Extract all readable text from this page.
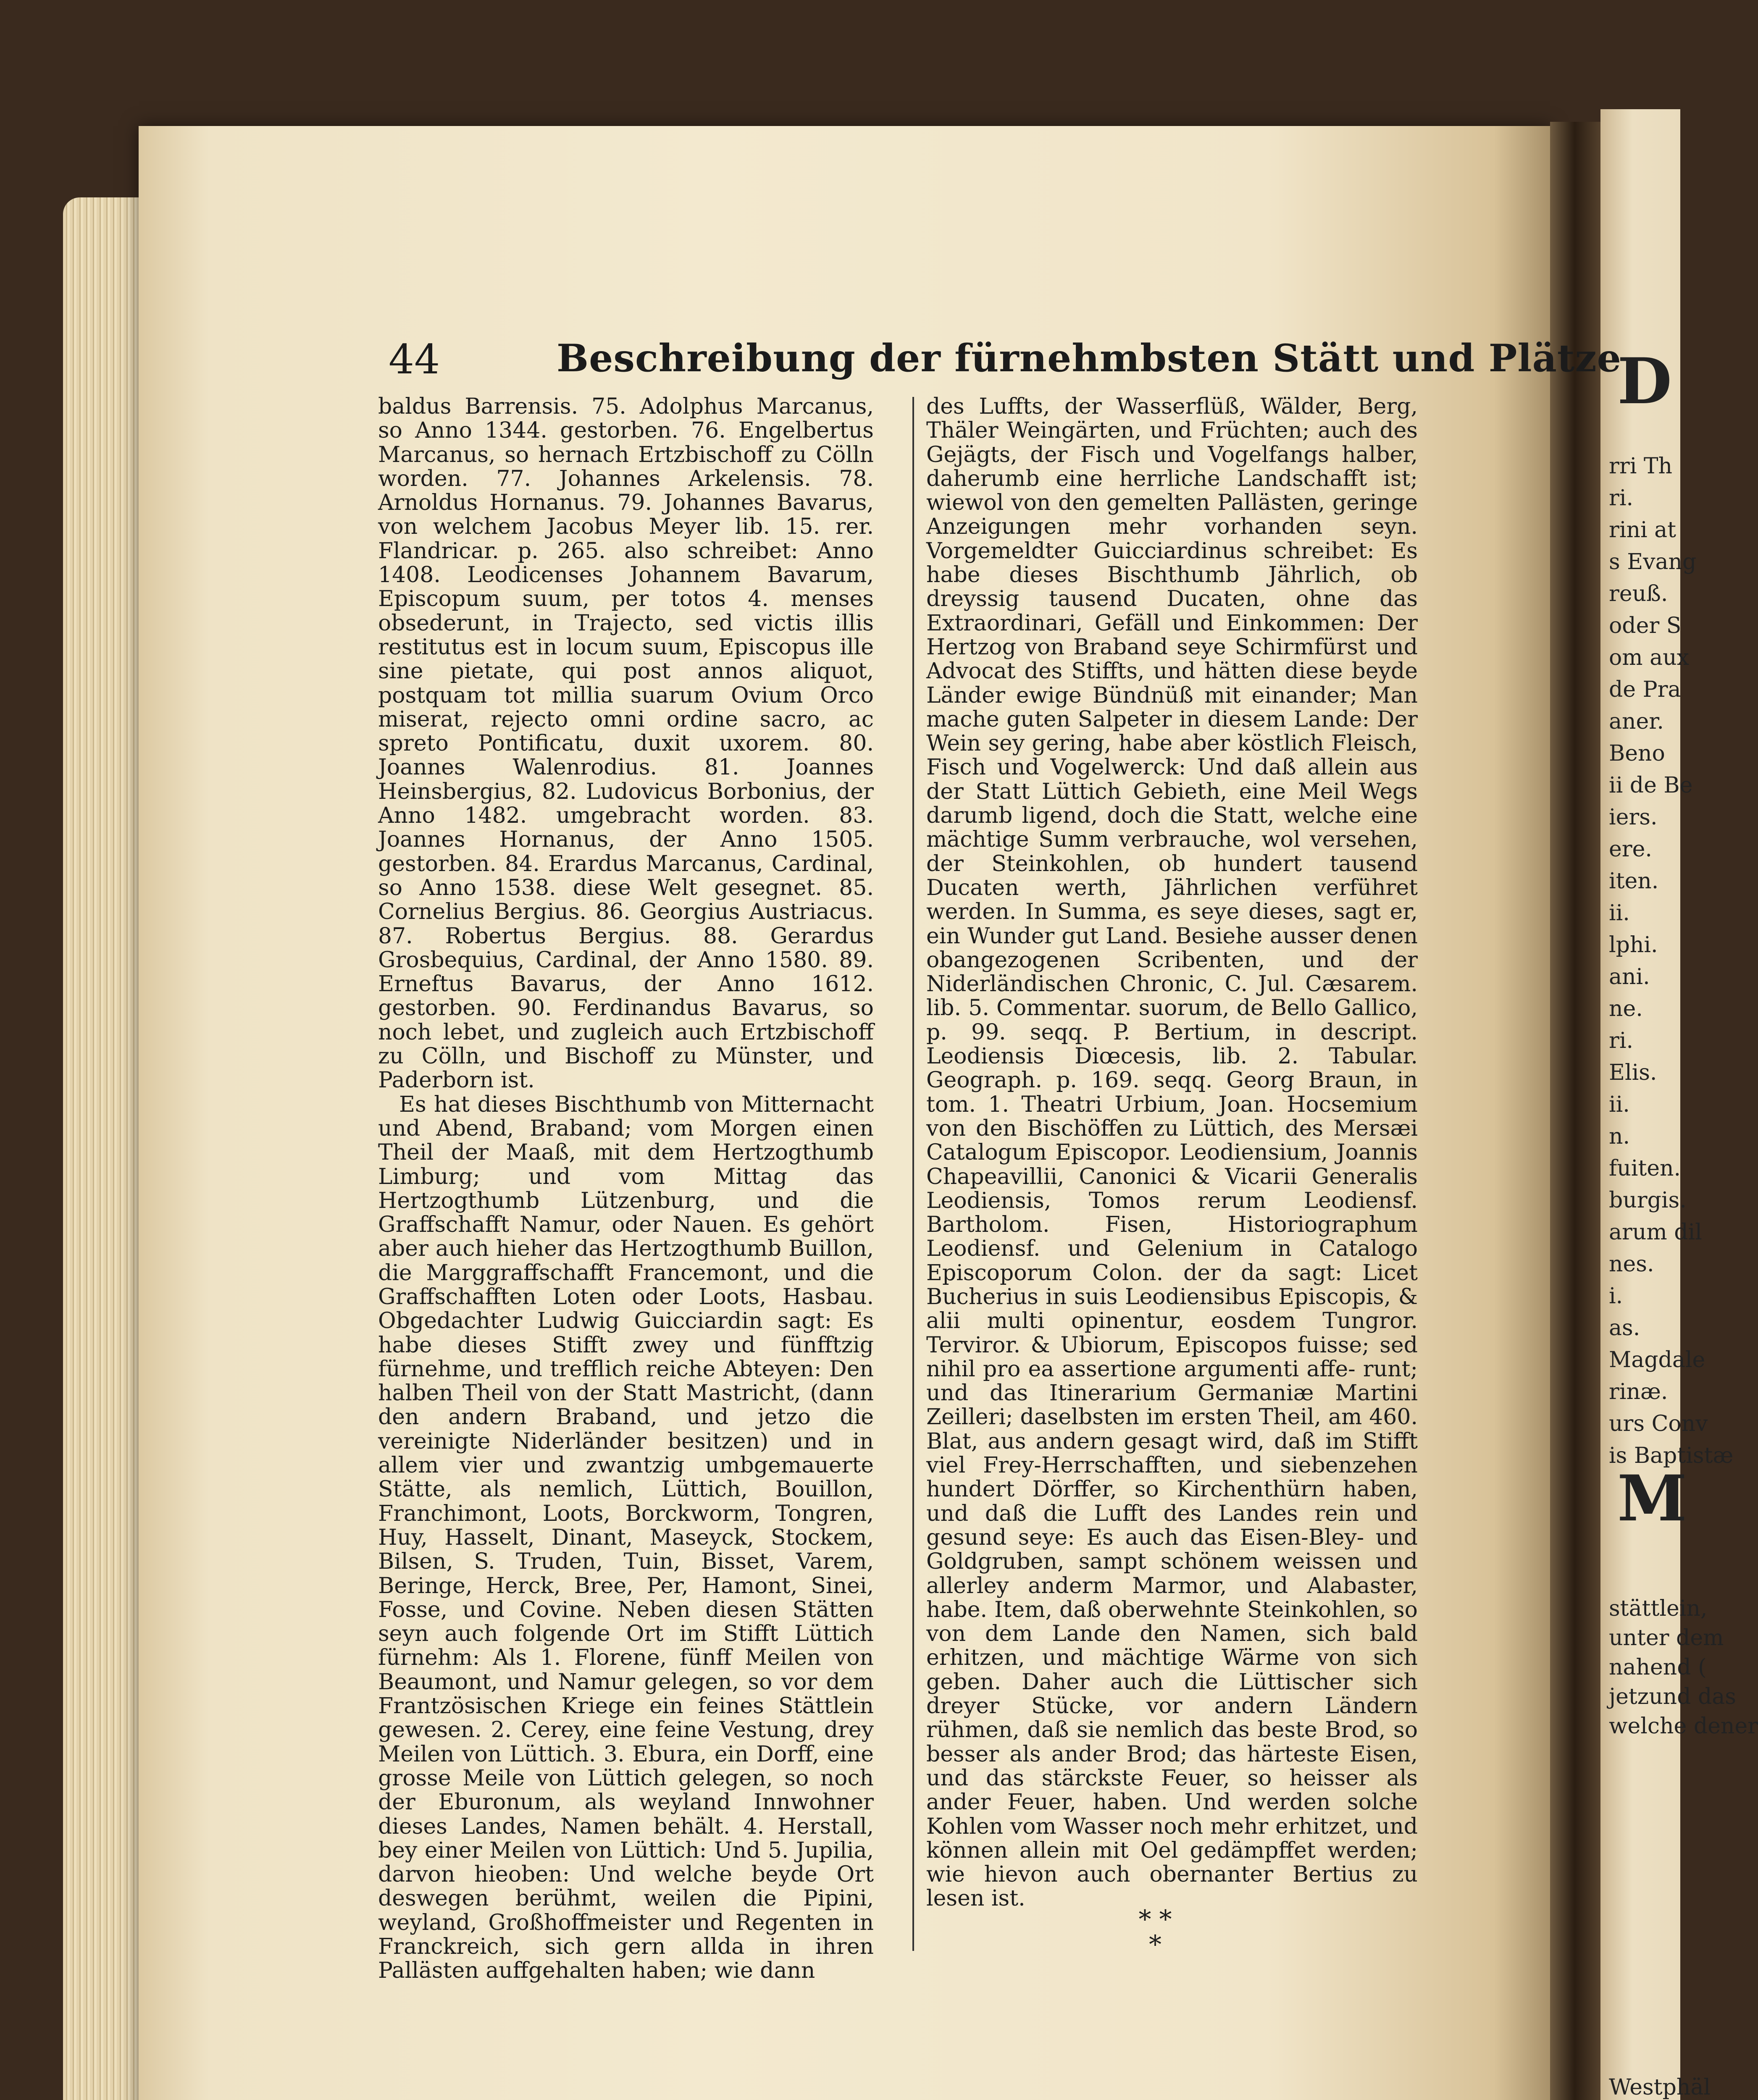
D
rri Th
ri.
rini at
s Evang
reuß.
oder S
om aux
de Pra
aner.
Beno
ii de Be
iers.
ere.
iten.
ii.
lphi.
ani.
ne.
ri.
Elis.
ii.
n.
fuiten.
burgis.
arum dil
nes.
i.
as.
Magdale
rinæ.
urs Conv
is Baptistæ
M
stättlein,
unter dem
nahend (
jetzund das
welche dener
Westphäl
44	Beschreibung der fürnehmbsten Stätt und Plätze

baldus Barrensis. 75. Adolphus Marcanus, so Anno 1344. gestorben. 76. Engelbertus Marcanus, so hernach Ertzbischoff zu Cölln worden. 77. Johannes Arkelensis. 78. Arnoldus Hornanus. 79. Johannes Bavarus, von welchem Jacobus Meyer lib. 15. rer. Flandricar. p. 265. also schreibet: Anno 1408. Leodicenses Johannem Bavarum, Episcopum suum, per totos 4. menses obsederunt, in Trajecto, sed victis illis restitutus est in locum suum, Episcopus ille sine pietate, qui post annos aliquot, postquam tot millia suarum Ovium Orco miserat, rejecto omni ordine sacro, ac spreto Pontificatu, duxit uxorem. 80. Joannes Walenrodius. 81. Joannes Heinsbergius, 82. Ludovicus Borbonius, der Anno 1482. umgebracht worden. 83. Joannes Hornanus, der Anno 1505. gestorben. 84. Erardus Marcanus, Cardinal, so Anno 1538. diese Welt gesegnet. 85. Cornelius Bergius. 86. Georgius Austriacus. 87. Robertus Bergius. 88. Gerardus Grosbequius, Cardinal, der Anno 1580. 89. Erneftus Bavarus, der Anno 1612. gestorben. 90. Ferdinandus Bavarus, so noch lebet, und zugleich auch Ertzbischoff zu Cölln, und Bischoff zu Münster, und Paderborn ist.

Es hat dieses Bischthumb von Mitternacht und Abend, Braband; vom Morgen einen Theil der Maaß, mit dem Hertzogthumb Limburg; und vom Mittag das Hertzogthumb Lützenburg, und die Graffschafft Namur, oder Nauen. Es gehört aber auch hieher das Hertzogthumb Buillon, die Marggraffschafft Francemont, und die Graffschafften Loten oder Loots, Hasbau. Obgedachter Ludwig Guicciardin sagt: Es habe dieses Stifft zwey und fünfftzig fürnehme, und trefflich reiche Abteyen: Den halben Theil von der Statt Mastricht, (dann den andern Braband, und jetzo die vereinigte Niderländer besitzen) und in allem vier und zwantzig umbgemauerte Stätte, als nemlich, Lüttich, Bouillon, Franchimont, Loots, Borckworm, Tongren, Huy, Hasselt, Dinant, Maseyck, Stockem, Bilsen, S. Truden, Tuin, Bisset, Varem, Beringe, Herck, Bree, Per, Hamont, Sinei, Fosse, und Covine. Neben diesen Stätten seyn auch folgende Ort im Stifft Lüttich fürnehm: Als 1. Florene, fünff Meilen von Beaumont, und Namur gelegen, so vor dem Frantzösischen Kriege ein feines Stättlein gewesen. 2. Cerey, eine feine Vestung, drey Meilen von Lüttich. 3. Ebura, ein Dorff, eine grosse Meile von Lüttich gelegen, so noch der Eburonum, als weyland Innwohner dieses Landes, Namen behält. 4. Herstall, bey einer Meilen von Lüttich: Und 5. Jupilia, darvon hieoben: Und welche beyde Ort deswegen berühmt, weilen die Pipini, weyland, Großhoffmeister und Regenten in Franckreich, sich gern allda in ihren Pallästen auffgehalten haben; wie dann

des Luffts, der Wasserflüß, Wälder, Berg, Thäler Weingärten, und Früchten; auch des Gejägts, der Fisch und Vogelfangs halber, daherumb eine herrliche Landschafft ist; wiewol von den gemelten Pallästen, geringe Anzeigungen mehr vorhanden seyn. Vorgemeldter Guicciardinus schreibet: Es habe dieses Bischthumb Jährlich, ob dreyssig tausend Ducaten, ohne das Extraordinari, Gefäll und Einkommen: Der Hertzog von Braband seye Schirmfürst und Advocat des Stiffts, und hätten diese beyde Länder ewige Bündnüß mit einander; Man mache guten Salpeter in diesem Lande: Der Wein sey gering, habe aber köstlich Fleisch, Fisch und Vogelwerck: Und daß allein aus der Statt Lüttich Gebieth, eine Meil Wegs darumb ligend, doch die Statt, welche eine mächtige Summ verbrauche, wol versehen, der Steinkohlen, ob hundert tausend Ducaten werth, Jährlichen verführet werden. In Summa, es seye dieses, sagt er, ein Wunder gut Land. Besiehe ausser denen obangezogenen Scribenten, und der Niderländischen Chronic, C. Jul. Cæsarem. lib. 5. Commentar. suorum, de Bello Gallico, p. 99. seqq. P. Bertium, in descript. Leodiensis Diœcesis, lib. 2. Tabular. Geograph. p. 169. seqq. Georg Braun, in tom. 1. Theatri Urbium, Joan. Hocsemium von den Bischöffen zu Lüttich, des Mersæi Catalogum Episcopor. Leodiensium, Joannis Chapeavillii, Canonici & Vicarii Generalis Leodiensis, Tomos rerum Leodiensf. Bartholom. Fisen, Historiographum Leodiensf. und Gelenium in Catalogo Episcoporum Colon. der da sagt: Licet Bucherius in suis Leodiensibus Episcopis, & alii multi opinentur, eosdem Tungror. Terviror. & Ubiorum, Episcopos fuisse; sed nihil pro ea assertione argumenti affe- runt; und das Itinerarium Germaniæ Martini Zeilleri; daselbsten im ersten Theil, am 460. Blat, aus andern gesagt wird, daß im Stifft viel Frey-Herrschafften, und siebenzehen hundert Dörffer, so Kirchenthürn haben, und daß die Lufft des Landes rein und gesund seye: Es auch das Eisen-Bley- und Goldgruben, sampt schönem weissen und allerley anderm Marmor, und Alabaster, habe. Item, daß oberwehnte Steinkohlen, so von dem Lande den Namen, sich bald erhitzen, und mächtige Wärme von sich geben. Daher auch die Lüttischer sich dreyer Stücke, vor andern Ländern rühmen, daß sie nemlich das beste Brod, so besser als ander Brod; das härteste Eisen, und das stärckste Feuer, so heisser als ander Feuer, haben. Und werden solche Kohlen vom Wasser noch mehr erhitzet, und können allein mit Oel gedämpffet werden; wie hievon auch obernanter Bertius zu lesen ist.

* *
*
